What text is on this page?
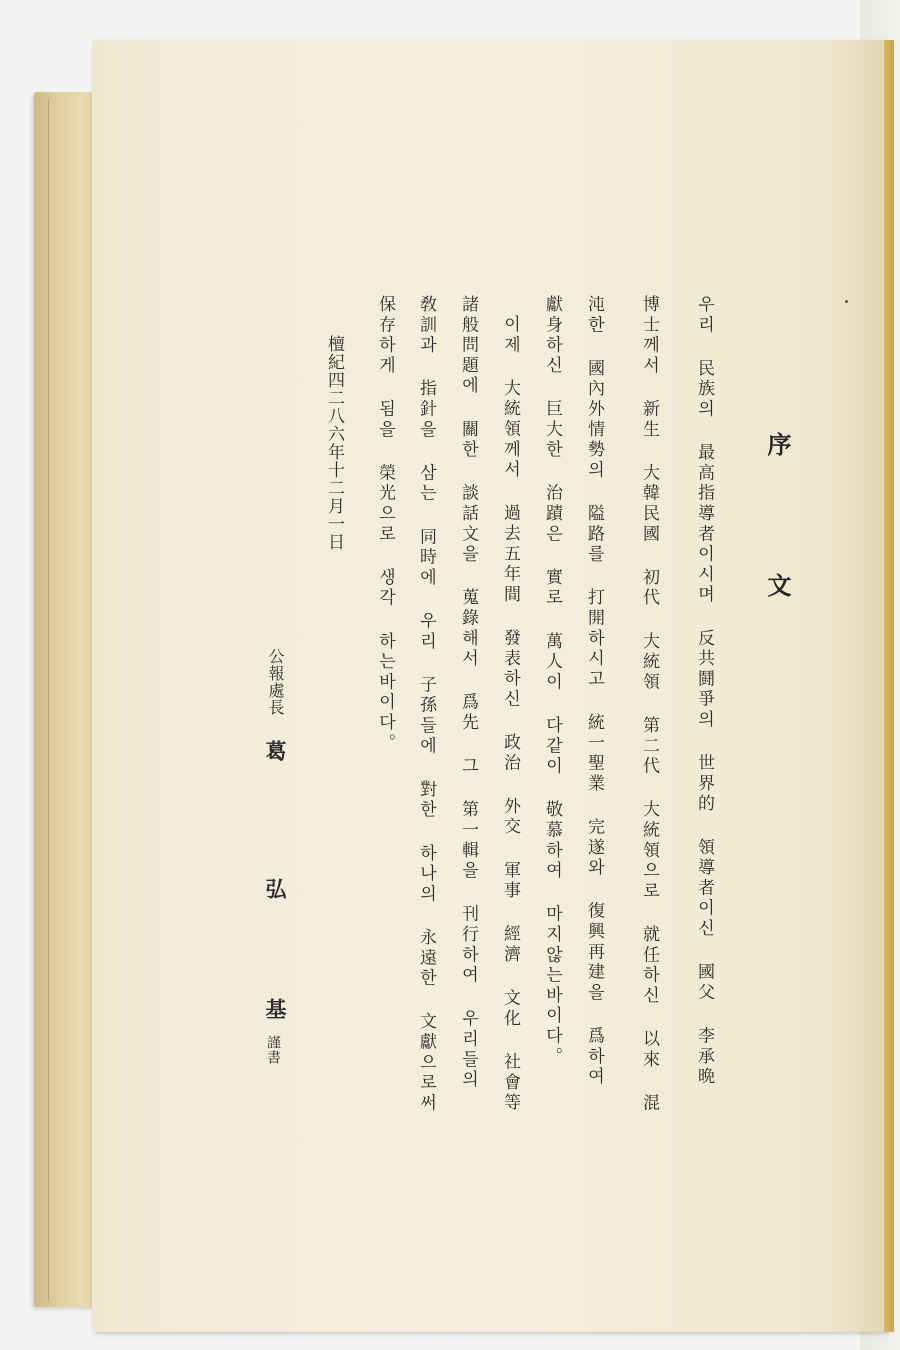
序 文
우리 民族의 最高指導者이시며 反共鬪爭의 世界的 領導者이신 國父 李承晩
博士께서 新生 大韓民國 初代 大統領 第二代 大統領으로 就任하신 以來 混
沌한 國內外情勢의 隘路를 打開하시고 統一聖業 完遂와 復興再建을 爲하여
獻身하신 巨大한 治蹟은 實로 萬人이 다같이 敬慕하여 마지않는바이다。
이제 大統領께서 過去五年間 發表하신 政治 外交 軍事 經濟 文化 社會等
諸般問題에 關한 談話文을 蒐錄해서 爲先 그 第一輯을 刊行하여 우리들의
敎訓과 指針을 삼는 同時에 우리 子孫들에 對한 하나의 永遠한 文獻으로써
保存하게 됨을 榮光으로 생각 하는바이다。
檀紀四二八六年十二月一日
公報處長
葛
弘
基
謹書
